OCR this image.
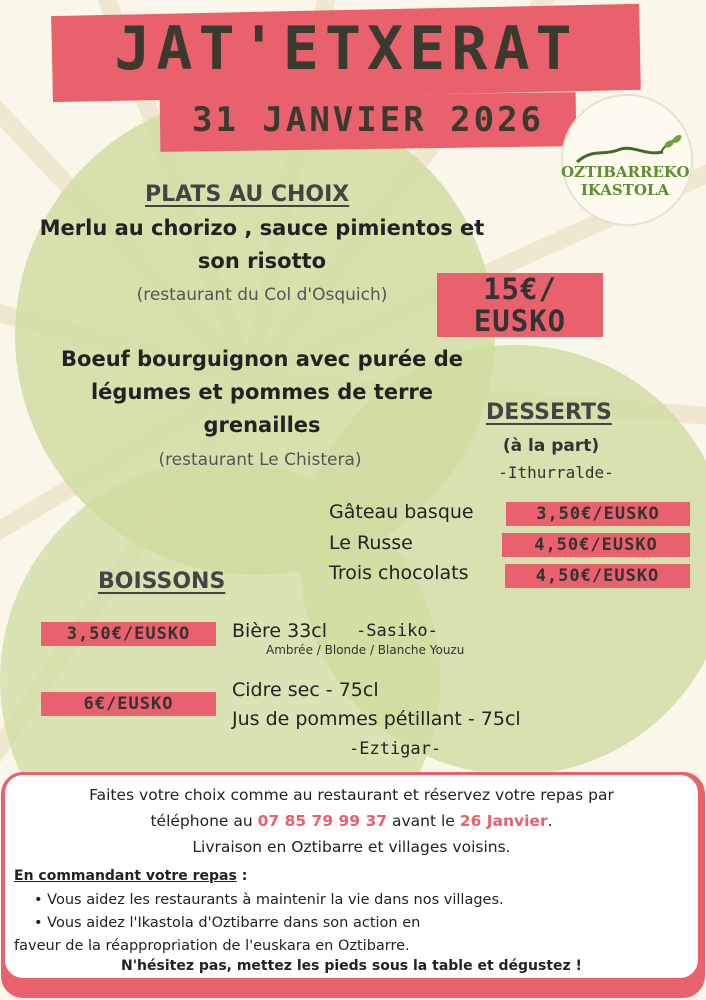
JAT'ETXERAT
31 JANVIER 2026
OZTIBARREKO
IKASTOLA
PLATS AU CHOIX
Merlu au chorizo , sauce pimientos et
son risotto
(restaurant du Col d'Osquich)	15€/
EUSKO
Boeuf bourguignon avec purée de
légumes et pommes de terre
grenailles
(restaurant Le Chistera)
DESSERTS
(à la part)
-Ithurralde-
Gâteau basque	3,50€/EUSKO
Le Russe	4,50€/EUSKO
Trois chocolats	4,50€/EUSKO
BOISSONS
3,50€/EUSKO	Bière 33cl -Sasiko-
Ambrée / Blonde / Blanche Youzu
6€/EUSKO
Cidre sec - 75cl
Jus de pommes pétillant - 75cl
-Eztigar-
Faites votre choix comme au restaurant et réservez votre repas par
téléphone au 07 85 79 99 37 avant le 26 Janvier.
Livraison en Oztibarre et villages voisins.
En commandant votre repas :
• Vous aidez les restaurants à maintenir la vie dans nos villages.
• Vous aidez l'Ikastola d'Oztibarre dans son action en
faveur de la réappropriation de l'euskara en Oztibarre.
N'hésitez pas, mettez les pieds sous la table et dégustez !
